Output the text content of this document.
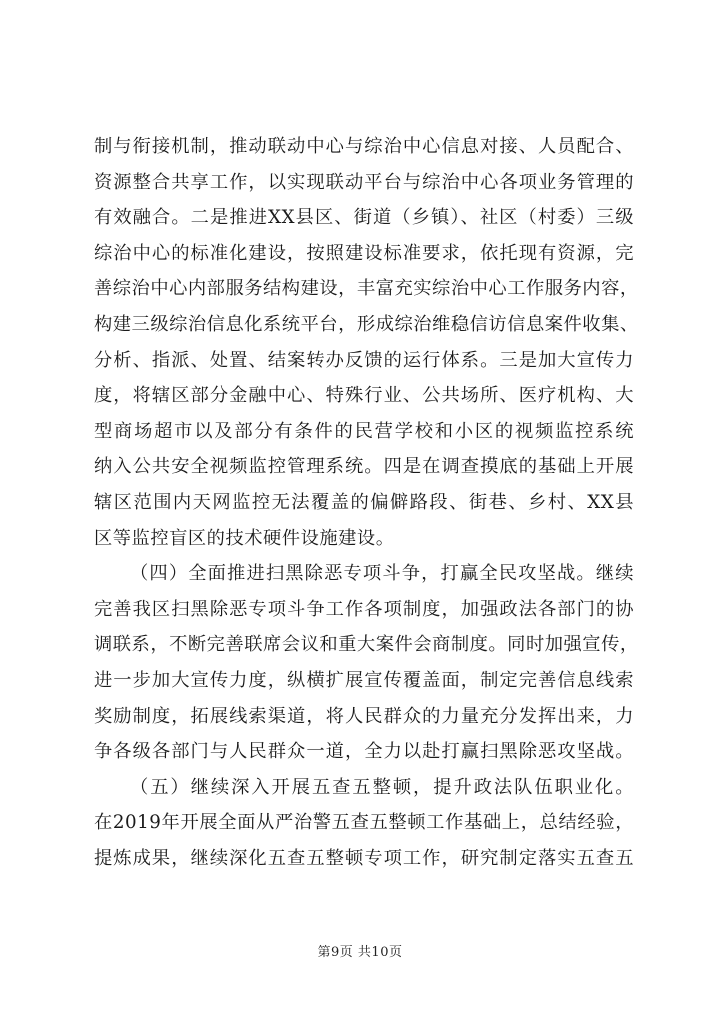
制与衔接机制，推动联动中心与综治中心信息对接、人员配合、
资源整合共享工作，以实现联动平台与综治中心各项业务管理的
有效融合。二是推进XX县区、街道（乡镇）、社区（村委）三级
综治中心的标准化建设，按照建设标准要求，依托现有资源，完
善综治中心内部服务结构建设，丰富充实综治中心工作服务内容，
构建三级综治信息化系统平台，形成综治维稳信访信息案件收集、
分析、指派、处置、结案转办反馈的运行体系。三是加大宣传力
度，将辖区部分金融中心、特殊行业、公共场所、医疗机构、大
型商场超市以及部分有条件的民营学校和小区的视频监控系统
纳入公共安全视频监控管理系统。四是在调查摸底的基础上开展
辖区范围内天网监控无法覆盖的偏僻路段、街巷、乡村、XX县
区等监控盲区的技术硬件设施建设。
（四）全面推进扫黑除恶专项斗争，打赢全民攻坚战。继续
完善我区扫黑除恶专项斗争工作各项制度，加强政法各部门的协
调联系，不断完善联席会议和重大案件会商制度。同时加强宣传，
进一步加大宣传力度，纵横扩展宣传覆盖面，制定完善信息线索
奖励制度，拓展线索渠道，将人民群众的力量充分发挥出来，力
争各级各部门与人民群众一道，全力以赴打赢扫黑除恶攻坚战。
（五）继续深入开展五查五整顿，提升政法队伍职业化。
在2019年开展全面从严治警五查五整顿工作基础上，总结经验，
提炼成果，继续深化五查五整顿专项工作，研究制定落实五查五
第9页 共10页
